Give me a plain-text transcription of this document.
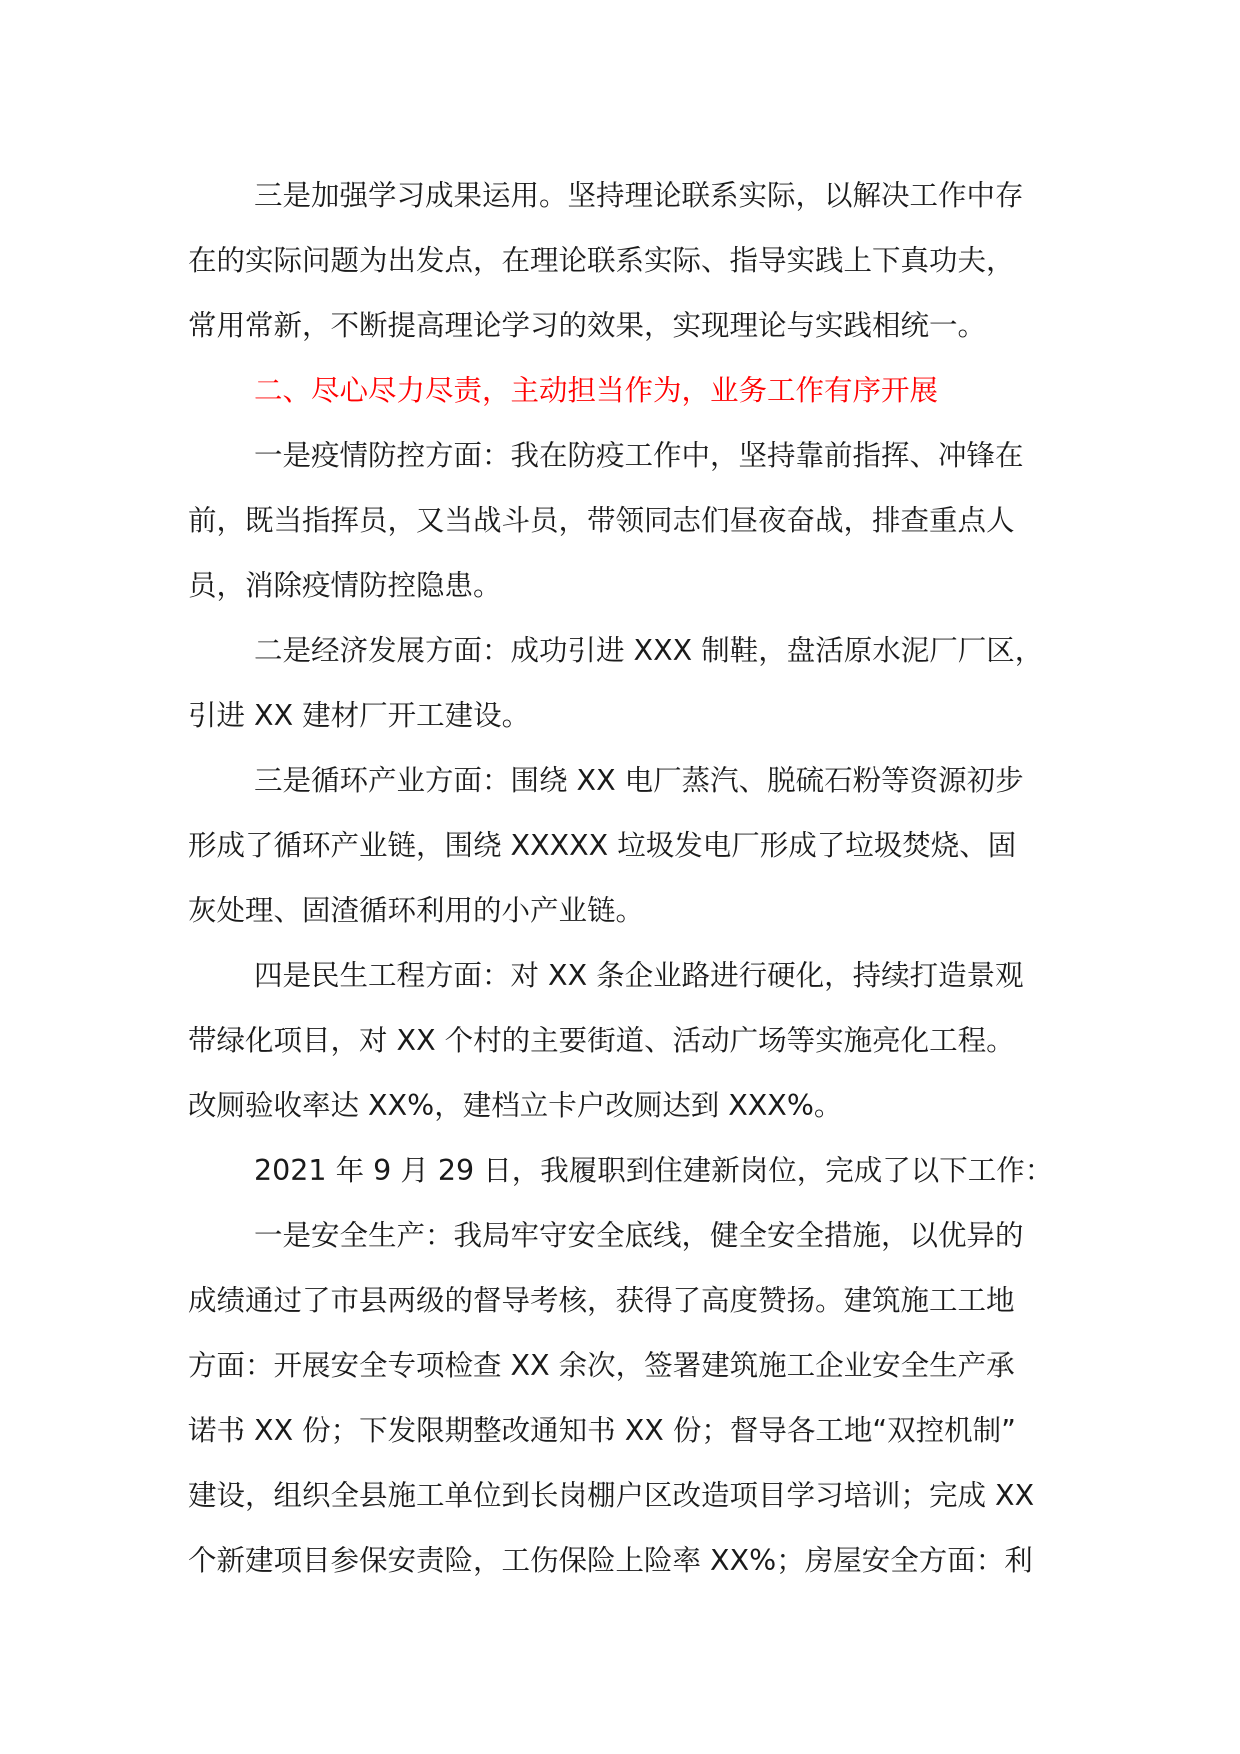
三是加强学习成果运用。坚持理论联系实际，以解决工作中存
在的实际问题为出发点，在理论联系实际、指导实践上下真功夫，
常用常新，不断提高理论学习的效果，实现理论与实践相统一。
二、尽心尽力尽责，主动担当作为，业务工作有序开展
一是疫情防控方面：我在防疫工作中，坚持靠前指挥、冲锋在
前，既当指挥员，又当战斗员，带领同志们昼夜奋战，排查重点人
员，消除疫情防控隐患。
二是经济发展方面：成功引进 XXX 制鞋，盘活原水泥厂厂区，
引进 XX 建材厂开工建设。
三是循环产业方面：围绕 XX 电厂蒸汽、脱硫石粉等资源初步
形成了循环产业链，围绕 XXXXX 垃圾发电厂形成了垃圾焚烧、固
灰处理、固渣循环利用的小产业链。
四是民生工程方面：对 XX 条企业路进行硬化，持续打造景观
带绿化项目，对 XX 个村的主要街道、活动广场等实施亮化工程。
改厕验收率达 XX%，建档立卡户改厕达到 XXX%。
2021 年 9 月 29 日，我履职到住建新岗位，完成了以下工作：
一是安全生产：我局牢守安全底线，健全安全措施，以优异的
成绩通过了市县两级的督导考核，获得了高度赞扬。建筑施工工地
方面：开展安全专项检查 XX 余次，签署建筑施工企业安全生产承
诺书 XX 份；下发限期整改通知书 XX 份；督导各工地“双控机制”
建设，组织全县施工单位到长岗棚户区改造项目学习培训；完成 XX
个新建项目参保安责险，工伤保险上险率 XX%；房屋安全方面：利
